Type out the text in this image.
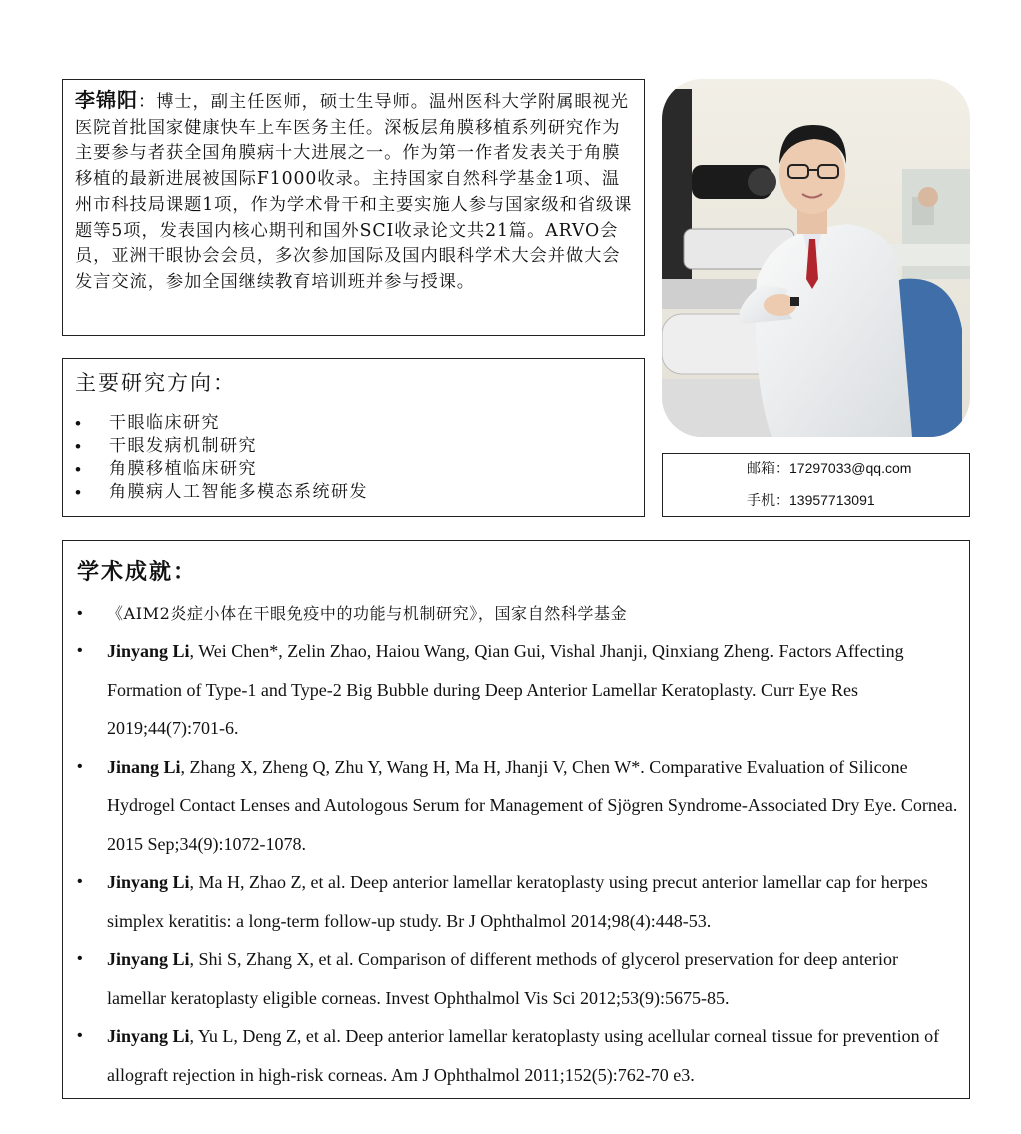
李锦阳：博士，副主任医师，硕士生导师。温州医科大学附属眼视光医院首批国家健康快车上车医务主任。深板层角膜移植系列研究作为主要参与者获全国角膜病十大进展之一。作为第一作者发表关于角膜移植的最新进展被国际F1000收录。主持国家自然科学基金1项、温州市科技局课题1项，作为学术骨干和主要实施人参与国家级和省级课题等5项，发表国内核心期刊和国外SCI收录论文共21篇。ARVO会员，亚洲干眼协会会员，多次参加国际及国内眼科学术大会并做大会发言交流，参加全国继续教育培训班并参与授课。

主要研究方向：

• 干眼临床研究
• 干眼发病机制研究
• 角膜移植临床研究
• 角膜病人工智能多模态系统研发
邮箱：17297033@qq.com
手机：13957713091

学术成就：

• 《AIM2炎症小体在干眼免疫中的功能与机制研究》，国家自然科学基金
• Jinyang Li, Wei Chen*, Zelin Zhao, Haiou Wang, Qian Gui, Vishal Jhanji, Qinxiang Zheng. Factors Affecting Formation of Type-1 and Type-2 Big Bubble during Deep Anterior Lamellar Keratoplasty. Curr Eye Res 2019;44(7):701-6.
• Jinang Li, Zhang X, Zheng Q, Zhu Y, Wang H, Ma H, Jhanji V, Chen W*. Comparative Evaluation of Silicone Hydrogel Contact Lenses and Autologous Serum for Management of Sjögren Syndrome-Associated Dry Eye. Cornea. 2015 Sep;34(9):1072-1078.
• Jinyang Li, Ma H, Zhao Z, et al. Deep anterior lamellar keratoplasty using precut anterior lamellar cap for herpes simplex keratitis: a long-term follow-up study. Br J Ophthalmol 2014;98(4):448-53.
• Jinyang Li, Shi S, Zhang X, et al. Comparison of different methods of glycerol preservation for deep anterior lamellar keratoplasty eligible corneas. Invest Ophthalmol Vis Sci 2012;53(9):5675-85.
• Jinyang Li, Yu L, Deng Z, et al. Deep anterior lamellar keratoplasty using acellular corneal tissue for prevention of allograft rejection in high-risk corneas. Am J Ophthalmol 2011;152(5):762-70 e3.
